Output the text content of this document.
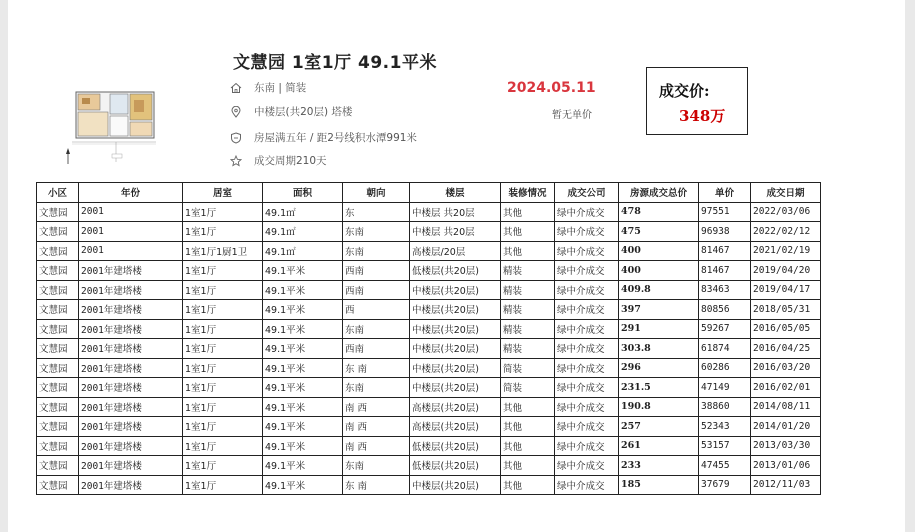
文慧园 1室1厅 49.1平米
东南 | 简装
中楼层(共20层) 塔楼
房屋满五年 / 距2号线积水潭991米
成交周期210天
2024.05.11
暂无单价
成交价:
348万
小区	年份	居室	面积	朝向	楼层	装修情况	成交公司	房源成交总价	单价	成交日期
文慧园	2001	1室1厅	49.1㎡	东	中楼层 共20层	其他	绿中介成交	478	97551	2022/03/06
文慧园	2001	1室1厅	49.1㎡	东南	中楼层 共20层	其他	绿中介成交	475	96938	2022/02/12
文慧园	2001	1室1厅1厨1卫	49.1㎡	东南	高楼层/20层	其他	绿中介成交	400	81467	2021/02/19
文慧园	2001年建塔楼	1室1厅	49.1平米	西南	低楼层(共20层)	精装	绿中介成交	400	81467	2019/04/20
文慧园	2001年建塔楼	1室1厅	49.1平米	西南	中楼层(共20层)	精装	绿中介成交	409.8	83463	2019/04/17
文慧园	2001年建塔楼	1室1厅	49.1平米	西	中楼层(共20层)	精装	绿中介成交	397	80856	2018/05/31
文慧园	2001年建塔楼	1室1厅	49.1平米	东南	中楼层(共20层)	精装	绿中介成交	291	59267	2016/05/05
文慧园	2001年建塔楼	1室1厅	49.1平米	西南	中楼层(共20层)	精装	绿中介成交	303.8	61874	2016/04/25
文慧园	2001年建塔楼	1室1厅	49.1平米	东 南	中楼层(共20层)	简装	绿中介成交	296	60286	2016/03/20
文慧园	2001年建塔楼	1室1厅	49.1平米	东南	中楼层(共20层)	简装	绿中介成交	231.5	47149	2016/02/01
文慧园	2001年建塔楼	1室1厅	49.1平米	南 西	高楼层(共20层)	其他	绿中介成交	190.8	38860	2014/08/11
文慧园	2001年建塔楼	1室1厅	49.1平米	南 西	高楼层(共20层)	其他	绿中介成交	257	52343	2014/01/20
文慧园	2001年建塔楼	1室1厅	49.1平米	南 西	低楼层(共20层)	其他	绿中介成交	261	53157	2013/03/30
文慧园	2001年建塔楼	1室1厅	49.1平米	东南	低楼层(共20层)	其他	绿中介成交	233	47455	2013/01/06
文慧园	2001年建塔楼	1室1厅	49.1平米	东 南	中楼层(共20层)	其他	绿中介成交	185	37679	2012/11/03
